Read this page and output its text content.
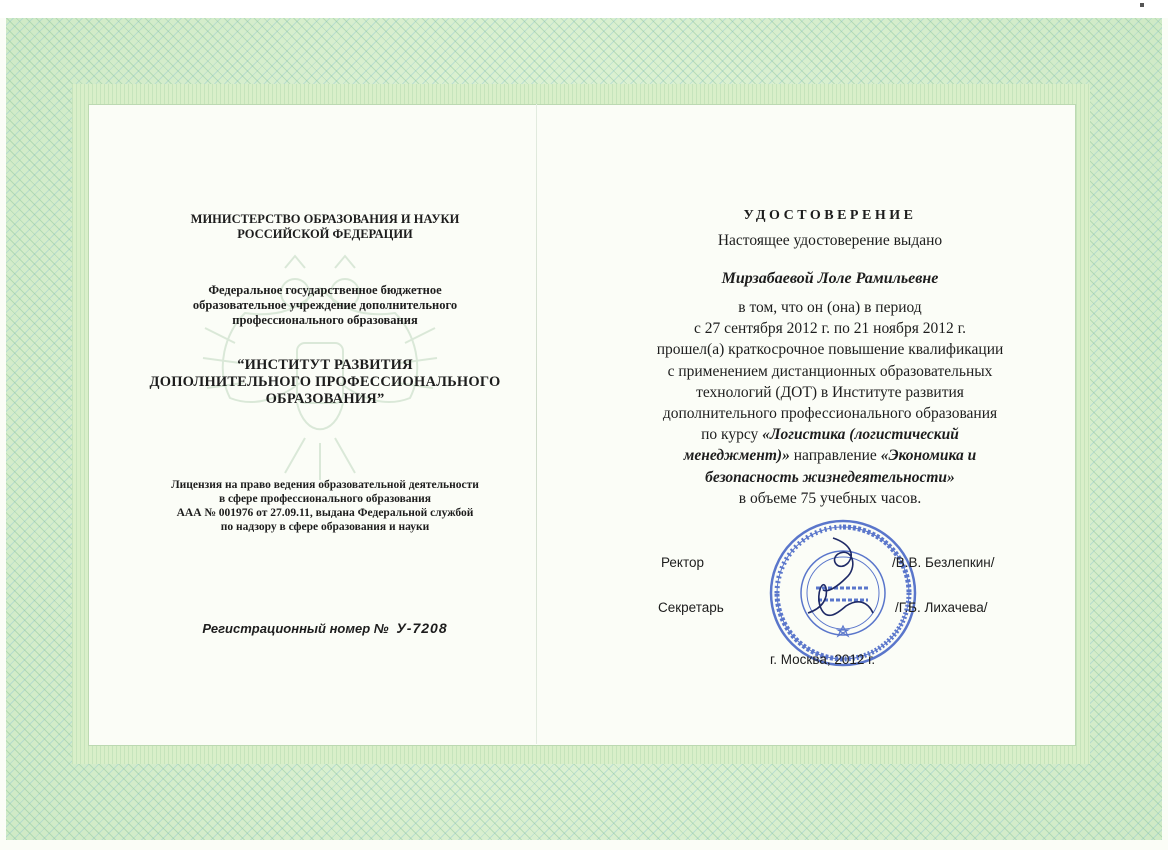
МИНИСТЕРСТВО ОБРАЗОВАНИЯ И НАУКИ
РОССИЙСКОЙ ФЕДЕРАЦИИ
Федеральное государственное бюджетное
образовательное учреждение дополнительного
профессионального образования
“ИНСТИТУТ РАЗВИТИЯ
ДОПОЛНИТЕЛЬНОГО ПРОФЕССИОНАЛЬНОГО
ОБРАЗОВАНИЯ”
Лицензия на право ведения образовательной деятельности
в сфере профессионального образования
ААА № 001976 от 27.09.11, выдана Федеральной службой
по надзору в сфере образования и науки
Регистрационный номер № У-7208
УДОСТОВЕРЕНИЕ
Настоящее удостоверение выдано
Мирзабаевой Лоле Рамильевне
в том, что он (она) в период
с 27 сентября 2012 г. по 21 ноября 2012 г.
прошел(а) краткосрочное повышение квалификации
с применением дистанционных образовательных
технологий (ДОТ) в Институте развития
дополнительного профессионального образования
по курсу «Логистика (логистический
менеджмент)» направление «Экономика и
безопасность жизнедеятельности»
в объеме 75 учебных часов.
Ректор	/В.В. Безлепкин/
Секретарь	/Г.Б. Лихачева/
г. Москва, 2012 г.
